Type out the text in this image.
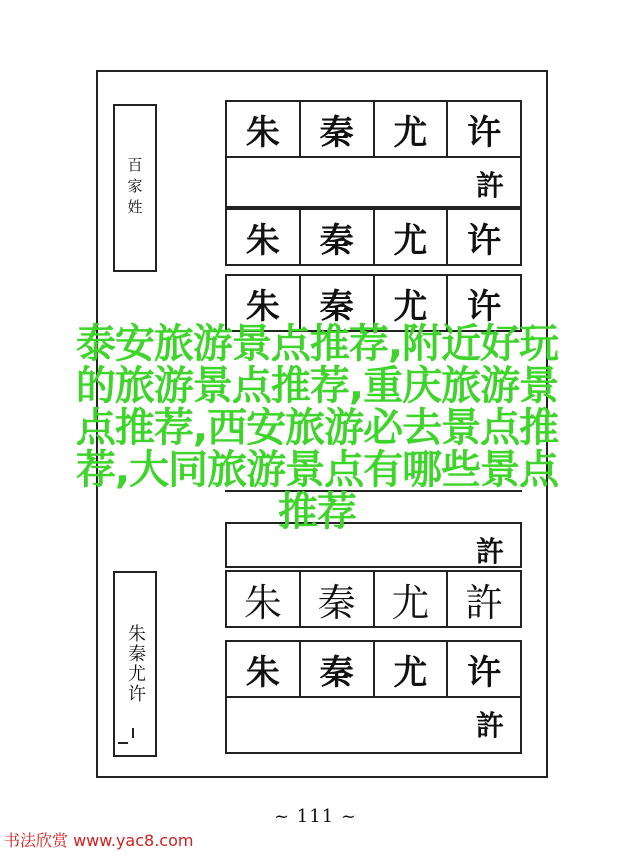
百家姓
朱秦尤许
朱	秦	尤	许
許
朱	秦	尤	许
朱	秦	尤	许
許
朱 秦 尤 許
朱	秦	尤	许
許
~ 111 ~
泰安旅游景点推荐,附近好玩
的旅游景点推荐,重庆旅游景
点推荐,西安旅游必去景点推
荐,大同旅游景点有哪些景点
推荐
书法欣赏 www.yac8.com
